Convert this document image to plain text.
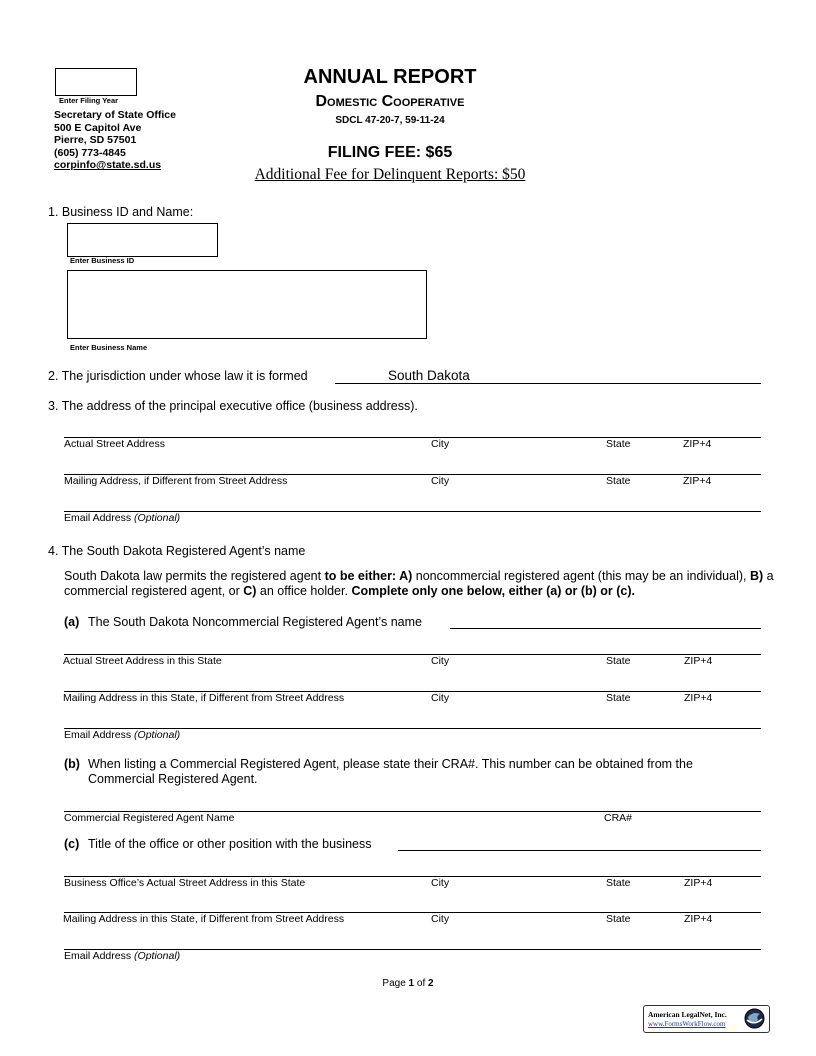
Enter Filing Year
Secretary of State Office
500 E Capitol Ave
Pierre, SD 57501
(605) 773-4845
corpinfo@state.sd.us
ANNUAL REPORT
Domestic Cooperative
SDCL 47-20-7, 59-11-24
FILING FEE: $65
Additional Fee for Delinquent Reports: $50
1. Business ID and Name:
Enter Business ID
Enter Business Name
2. The jurisdiction under whose law it is formed	South Dakota
3. The address of the principal executive office (business address).
Actual Street Address	City	State	ZIP+4
Mailing Address, if Different from Street Address	City	State	ZIP+4
Email Address (Optional)
4. The South Dakota Registered Agent’s name
South Dakota law permits the registered agent to be either: A) noncommercial registered agent (this may be an individual), B) a commercial registered agent, or C) an office holder. Complete only one below, either (a) or (b) or (c).
(a) The South Dakota Noncommercial Registered Agent’s name
Actual Street Address in this State	City	State	ZIP+4
Mailing Address in this State, if Different from Street Address	City	State	ZIP+4
Email Address (Optional)
(b) When listing a Commercial Registered Agent, please state their CRA#. This number can be obtained from the Commercial Registered Agent.
Commercial Registered Agent Name	CRA#
(c) Title of the office or other position with the business
Business Office’s Actual Street Address in this State	City	State	ZIP+4
Mailing Address in this State, if Different from Street Address	City	State	ZIP+4
Email Address (Optional)
Page 1 of 2
American LegalNet, Inc.
www.FormsWorkFlow.com
